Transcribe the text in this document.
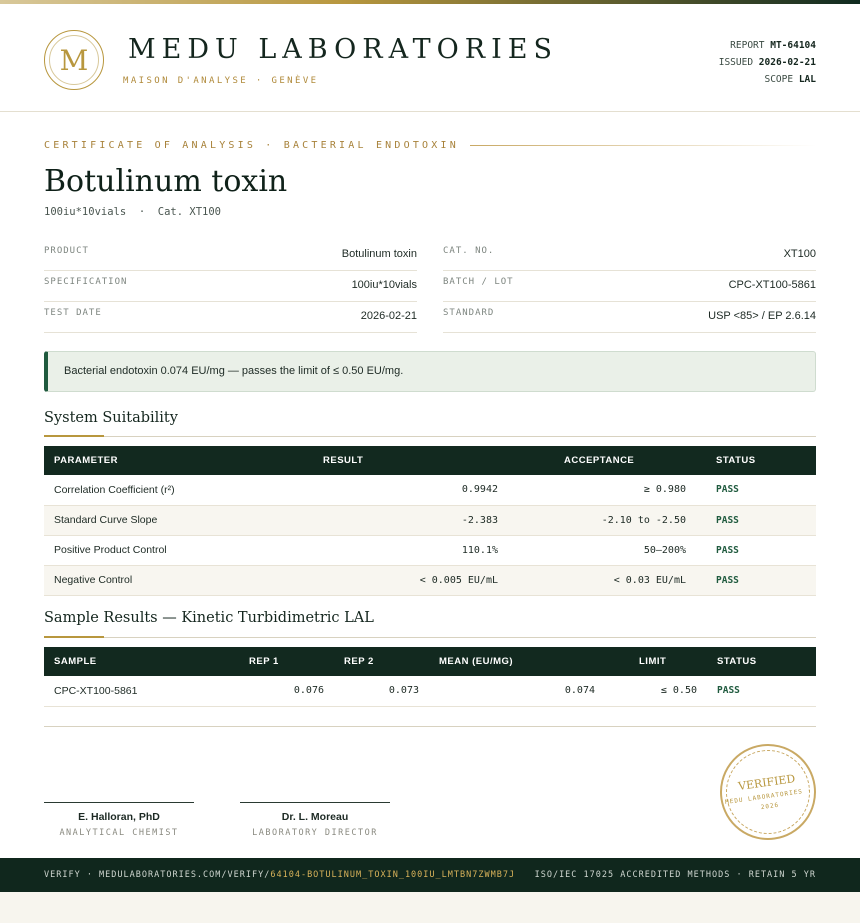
M	MEDU LABORATORIES
MAISON D'ANALYSE · GENÈVE
REPORT MT-64104
ISSUED 2026-02-21
SCOPE LAL
CERTIFICATE OF ANALYSIS · BACTERIAL ENDOTOXIN
Botulinum toxin
100iu*10vials  ·  Cat. XT100
PRODUCT	Botulinum toxin
SPECIFICATION	100iu*10vials
TEST DATE	2026-02-21
CAT. NO.	XT100
BATCH / LOT	CPC-XT100-5861
STANDARD	USP <85> / EP 2.6.14
Bacterial endotoxin 0.074 EU/mg — passes the limit of ≤ 0.50 EU/mg.
System Suitability
PARAMETER	RESULT	ACCEPTANCE	STATUS
Correlation Coefficient (r²)	0.9942	≥ 0.980	PASS
Standard Curve Slope	-2.383	-2.10 to -2.50	PASS
Positive Product Control	110.1%	50–200%	PASS
Negative Control	< 0.005 EU/mL	< 0.03 EU/mL	PASS
Sample Results — Kinetic Turbidimetric LAL
SAMPLE	REP 1	REP 2	MEAN (EU/MG)	LIMIT	STATUS
CPC-XT100-5861	0.076	0.073	0.074	≤ 0.50	PASS
E. Halloran, PhD
ANALYTICAL CHEMIST
Dr. L. Moreau
LABORATORY DIRECTOR
VERIFIED
MEDU LABORATORIES · 2026
VERIFY · MEDULABORATORIES.COM/VERIFY/64104-BOTULINUM_TOXIN_100IU_LMTBN7ZWMB7J ISO/IEC 17025 ACCREDITED METHODS · RETAIN 5 YR
